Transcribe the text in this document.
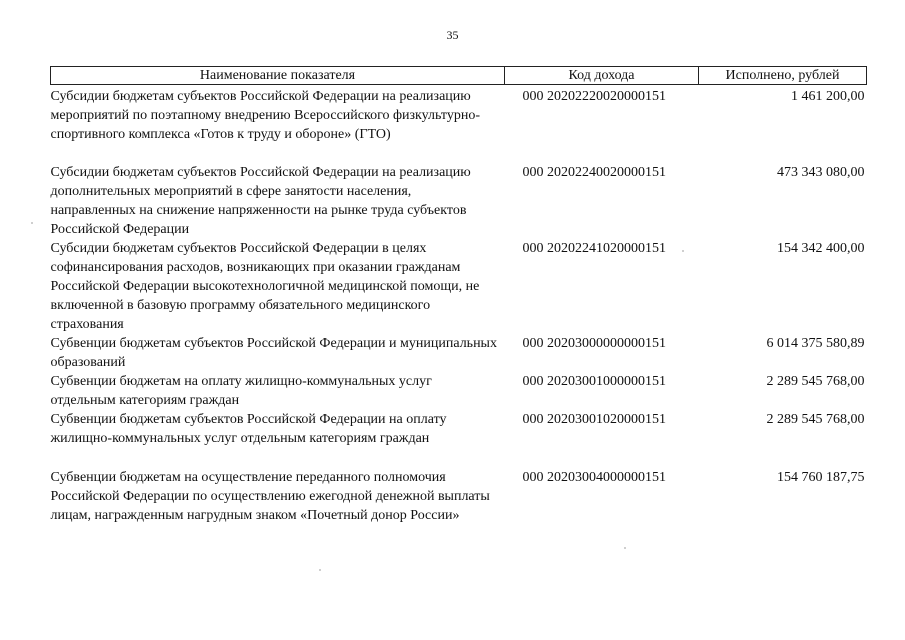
35
Наименование показателя	Код дохода	Исполнено, рублей
Субсидии бюджетам субъектов Российской Федерации на реализацию мероприятий по поэтапному внедрению Всероссийского физкультурно-спортивного комплекса «Готов к труду и обороне» (ГТО)	000 20202220020000151	1 461 200,00
Субсидии бюджетам субъектов Российской Федерации на реализацию дополнительных мероприятий в сфере занятости населения, направленных на снижение напряженности на рынке труда субъектов Российской Федерации	000 20202240020000151	473 343 080,00
Субсидии бюджетам субъектов Российской Федерации в целях софинансирования расходов, возникающих при оказании гражданам Российской Федерации высокотехнологичной медицинской помощи, не включенной в базовую программу обязательного медицинского страхования	000 20202241020000151	154 342 400,00
Субвенции бюджетам субъектов Российской Федерации и муниципальных образований	000 20203000000000151	6 014 375 580,89
Субвенции бюджетам на оплату жилищно-коммунальных услуг отдельным категориям граждан	000 20203001000000151	2 289 545 768,00
Субвенции бюджетам субъектов Российской Федерации на оплату жилищно-коммунальных услуг отдельным категориям граждан	000 20203001020000151	2 289 545 768,00
Субвенции бюджетам на осуществление переданного полномочия Российской Федерации по осуществлению ежегодной денежной выплаты лицам, награжденным нагрудным знаком «Почетный донор России»	000 20203004000000151	154 760 187,75
